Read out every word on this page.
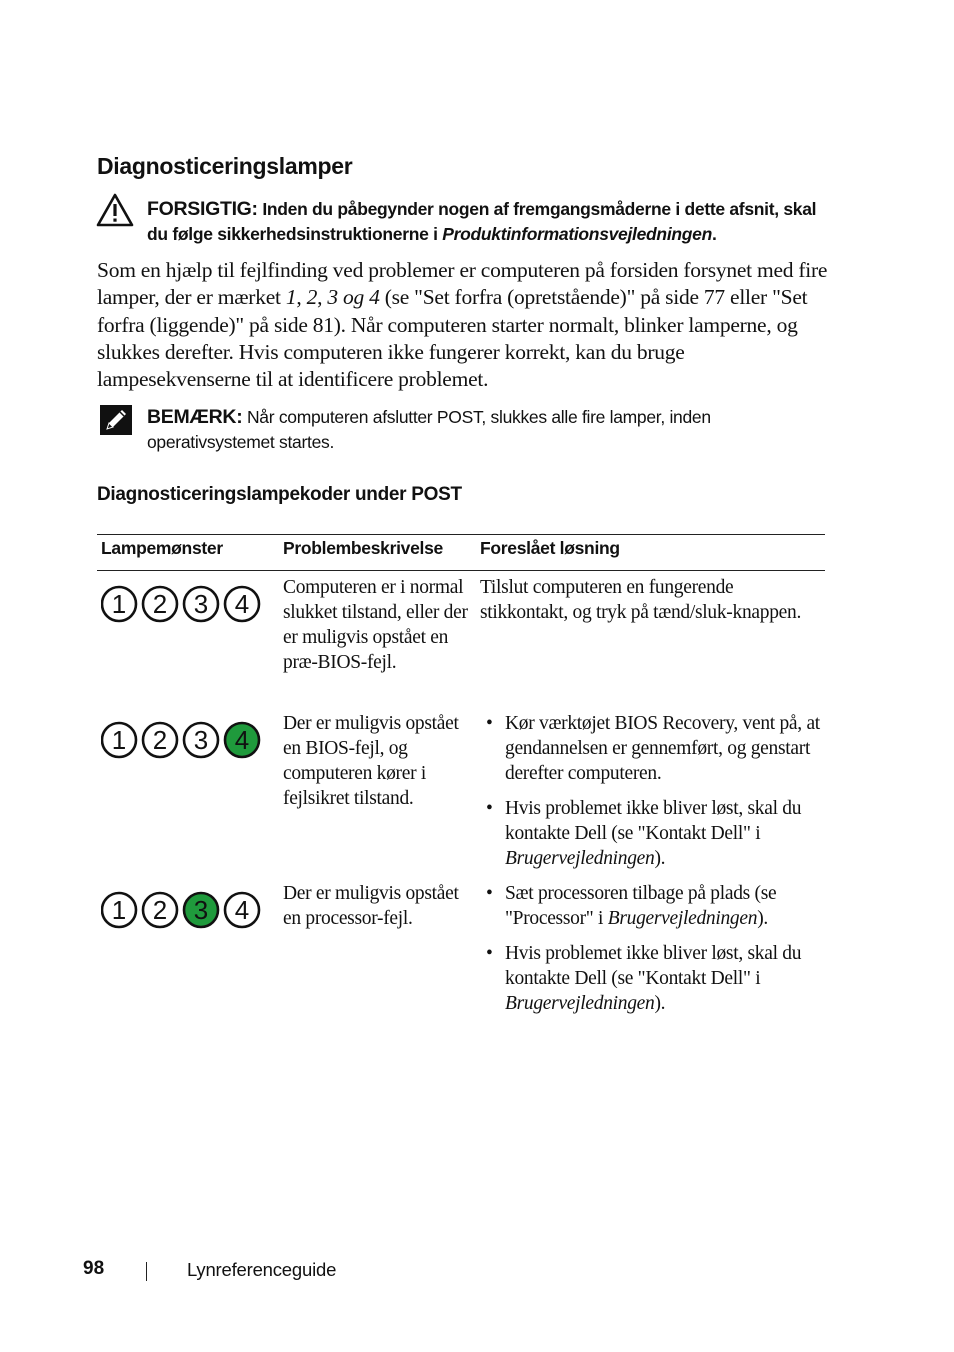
Diagnosticeringslamper
FORSIGTIG: Inden du påbegynder nogen af fremgangsmåderne i dette afsnit, skal du følge sikkerhedsinstruktionerne i Produktinformationsvejledningen.
Som en hjælp til fejlfinding ved problemer er computeren på forsiden forsynet med fire lamper, der er mærket 1, 2, 3 og 4 (se "Set forfra (opretstående)" på side 77 eller "Set forfra (liggende)" på side 81). Når computeren starter normalt, blinker lamperne, og slukkes derefter. Hvis computeren ikke fungerer korrekt, kan du bruge lampesekvenserne til at identificere problemet.
BEMÆRK: Når computeren afslutter POST, slukkes alle fire lamper, inden operativsystemet startes.
Diagnosticeringslampekoder under POST
Lampemønster	Problembeskrivelse Foreslået løsning
1 2 3 4
Computeren er i normal slukket tilstand, eller der er muligvis opstået en præ-BIOS-fejl.

Tilslut computeren en fungerende stikkontakt, og tryk på tænd/sluk-knappen.

1 2 3 4
Der er muligvis opstået en BIOS-fejl, og computeren kører i fejlsikret tilstand.
• Kør værktøjet BIOS Recovery, vent på, at gendannelsen er gennemført, og genstart derefter computeren.
• Hvis problemet ikke bliver løst, skal du kontakte Dell (se "Kontakt Dell" i Brugervejledningen).
1 2 3 4
Der er muligvis opstået en processor-fejl.
• Sæt processoren tilbage på plads (se "Processor" i Brugervejledningen).
• Hvis problemet ikke bliver løst, skal du kontakte Dell (se "Kontakt Dell" i Brugervejledningen).
98	Lynreferenceguide
